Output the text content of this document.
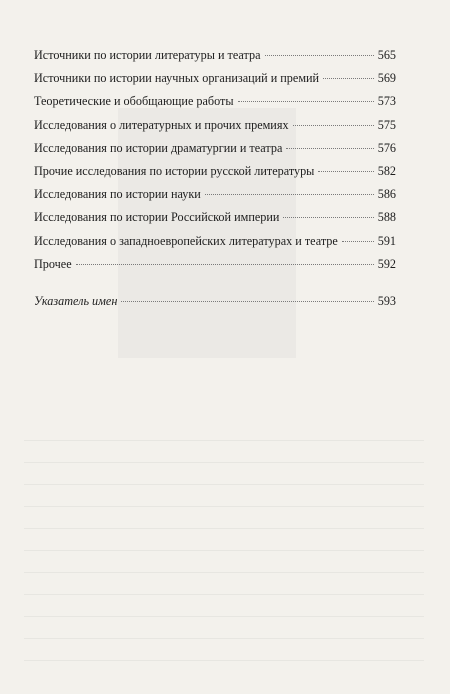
Источники по истории литературы и театра	565
Источники по истории научных организаций и премий	569
Теоретические и обобщающие работы	573
Исследования о литературных и прочих премиях	575
Исследования по истории драматургии и театра	576
Прочие исследования по истории русской литературы	582
Исследования по истории науки	586
Исследования по истории Российской империи	588
Исследования о западноевропейских литературах и театре	591
Прочее	592
Указатель имен	593
